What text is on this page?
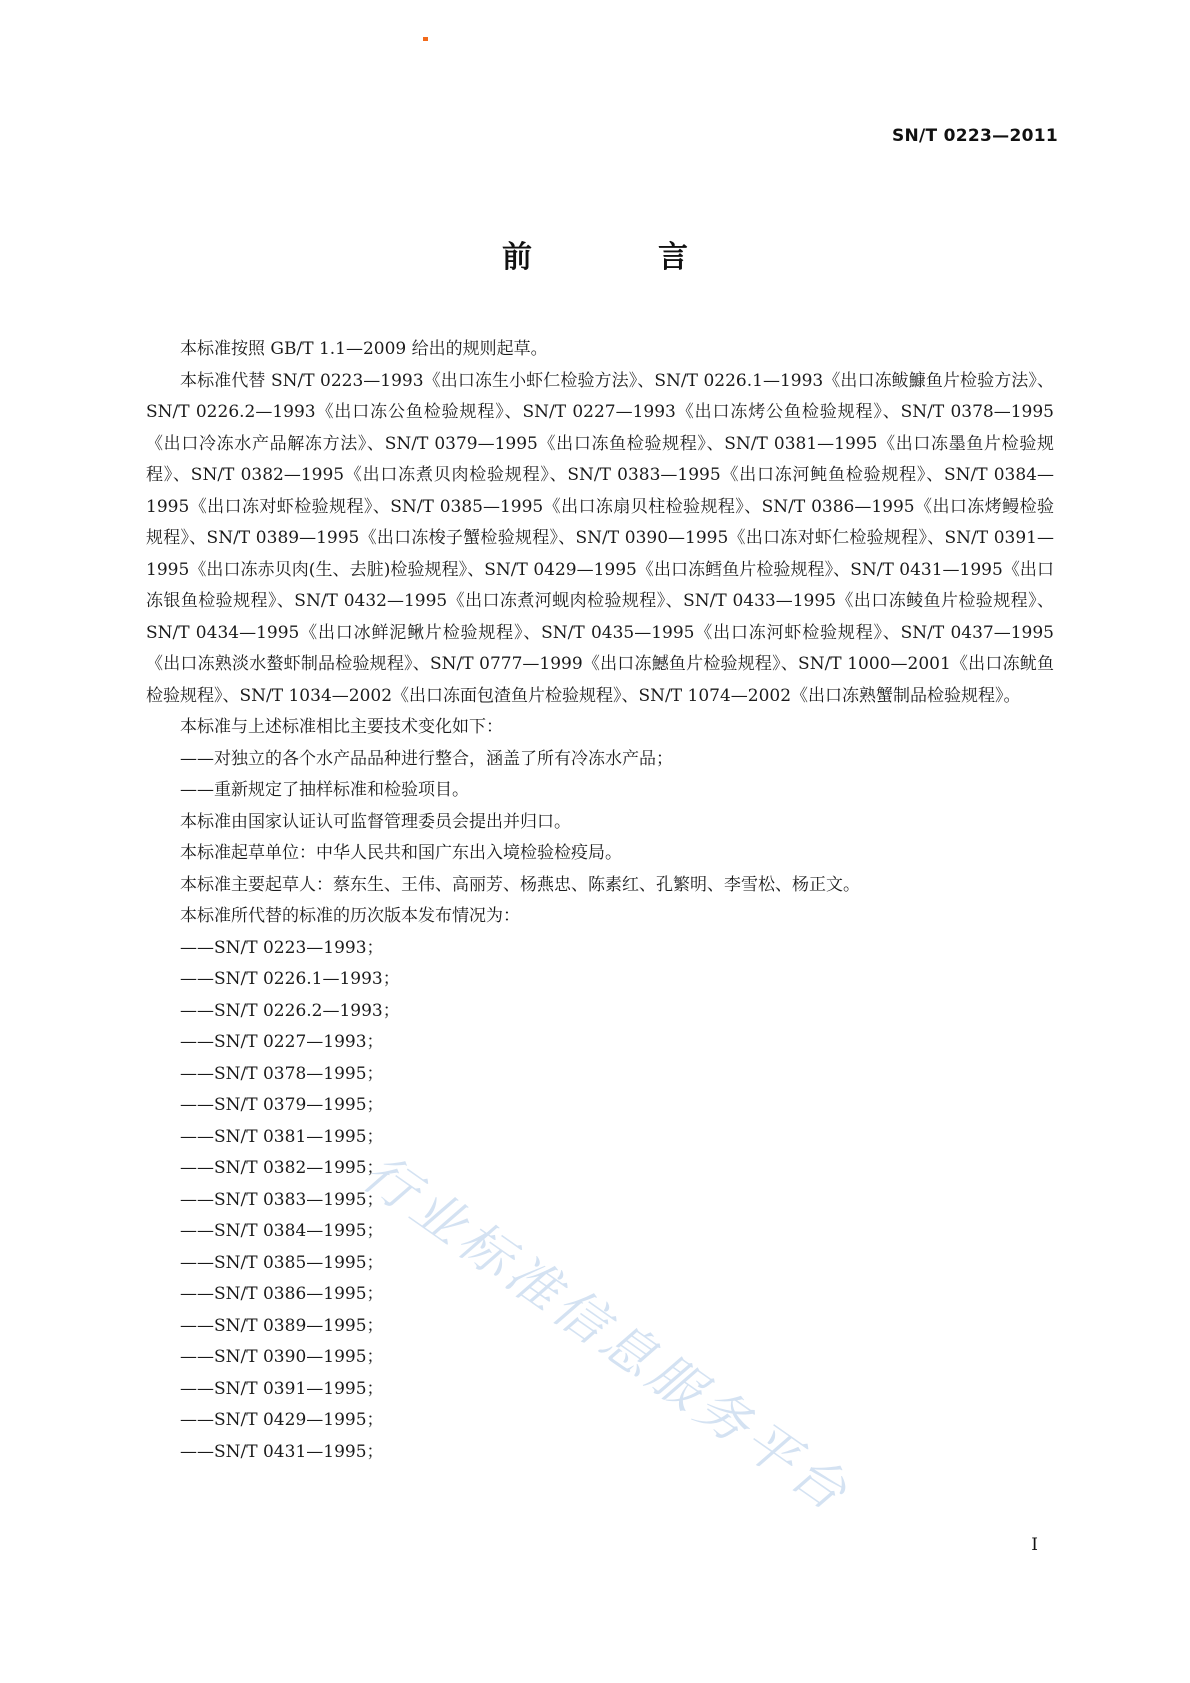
SN/T 0223—2011
前　言

本标准按照 GB/T 1.1—2009 给出的规则起草。

本标准代替 SN/T 0223—1993《出口冻生小虾仁检验方法》、SN/T 0226.1—1993《出口冻鲅鱇鱼片检验方法》、SN/T 0226.2—1993《出口冻公鱼检验规程》、SN/T 0227—1993《出口冻烤公鱼检验规程》、SN/T 0378—1995《出口冷冻水产品解冻方法》、SN/T 0379—1995《出口冻鱼检验规程》、SN/T 0381—1995《出口冻墨鱼片检验规程》、SN/T 0382—1995《出口冻煮贝肉检验规程》、SN/T 0383—1995《出口冻河鲀鱼检验规程》、SN/T 0384—1995《出口冻对虾检验规程》、SN/T 0385—1995《出口冻扇贝柱检验规程》、SN/T 0386—1995《出口冻烤鳗检验规程》、SN/T 0389—1995《出口冻梭子蟹检验规程》、SN/T 0390—1995《出口冻对虾仁检验规程》、SN/T 0391—1995《出口冻赤贝肉(生、去脏)检验规程》、SN/T 0429—1995《出口冻鳕鱼片检验规程》、SN/T 0431—1995《出口冻银鱼检验规程》、SN/T 0432—1995《出口冻煮河蚬肉检验规程》、SN/T 0433—1995《出口冻鲮鱼片检验规程》、SN/T 0434—1995《出口冰鲜泥鳅片检验规程》、SN/T 0435—1995《出口冻河虾检验规程》、SN/T 0437—1995《出口冻熟淡水螯虾制品检验规程》、SN/T 0777—1999《出口冻鱤鱼片检验规程》、SN/T 1000—2001《出口冻鱿鱼检验规程》、SN/T 1034—2002《出口冻面包渣鱼片检验规程》、SN/T 1074—2002《出口冻熟蟹制品检验规程》。

本标准与上述标准相比主要技术变化如下：

——对独立的各个水产品品种进行整合，涵盖了所有冷冻水产品；

——重新规定了抽样标准和检验项目。

本标准由国家认证认可监督管理委员会提出并归口。

本标准起草单位：中华人民共和国广东出入境检验检疫局。

本标准主要起草人：蔡东生、王伟、高丽芳、杨燕忠、陈素红、孔繁明、李雪松、杨正文。

本标准所代替的标准的历次版本发布情况为：

——SN/T 0223—1993；

——SN/T 0226.1—1993；

——SN/T 0226.2—1993；

——SN/T 0227—1993；

——SN/T 0378—1995；

——SN/T 0379—1995；

——SN/T 0381—1995；

——SN/T 0382—1995；

——SN/T 0383—1995；

——SN/T 0384—1995；

——SN/T 0385—1995；

——SN/T 0386—1995；

——SN/T 0389—1995；

——SN/T 0390—1995；

——SN/T 0391—1995；

——SN/T 0429—1995；

——SN/T 0431—1995；

行业标准信息服务平台
I
